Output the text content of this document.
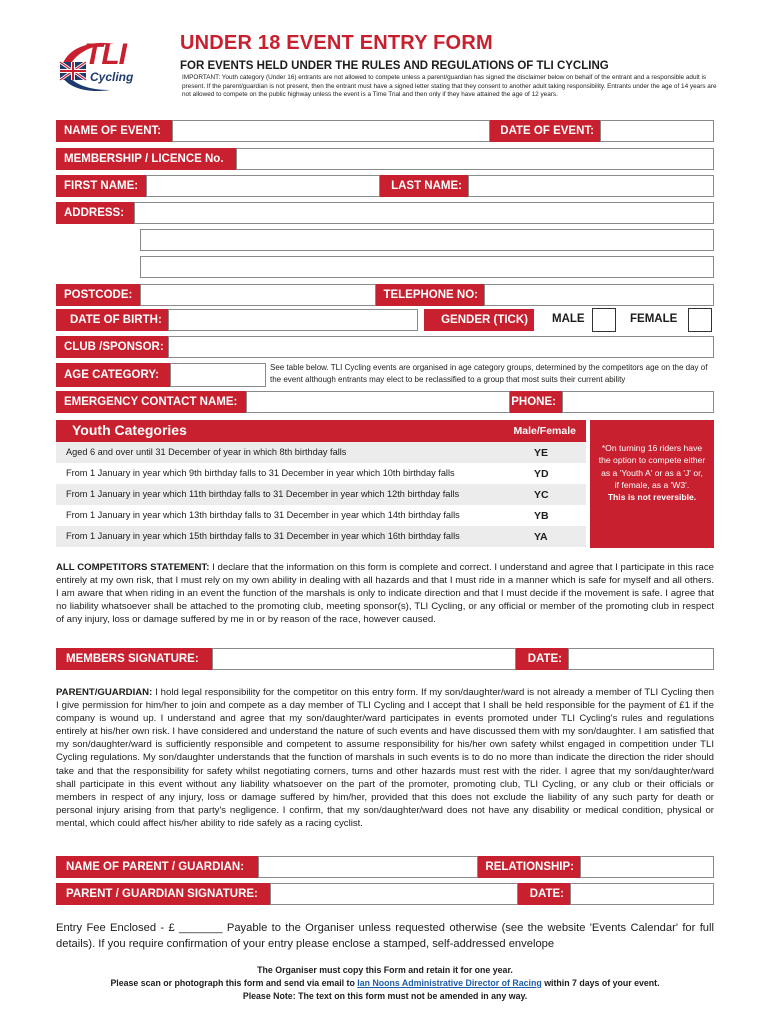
TLI
Cycling
UNDER 18 EVENT ENTRY FORM
FOR EVENTS HELD UNDER THE RULES AND REGULATIONS OF TLI CYCLING
IMPORTANT: Youth category (Under 16) entrants are not allowed to compete unless a parent/guardian has signed the disclaimer below on behalf of the entrant and a responsible adult is present. If the parent/guardian is not present, then the entrant must have a signed letter stating that they consent to another adult taking responsibility. Entrants under the age of 14 years are not allowed to compete on the public highway unless the event is a Time Trial and then only if they have attained the age of 12 years.
NAME OF EVENT:	DATE OF EVENT:
MEMBERSHIP / LICENCE No.
FIRST NAME:	LAST NAME:
ADDRESS:
POSTCODE:	TELEPHONE NO:
DATE OF BIRTH:	GENDER (TICK)	MALE	FEMALE
CLUB /SPONSOR:
AGE CATEGORY:
See table below. TLI Cycling events are organised in age category groups, determined by the competitors age on the day of the event although entrants may elect to be reclassified to a group that most suits their current ability
EMERGENCY CONTACT NAME:	PHONE:
Youth Categories	Male/Female
Aged 6 and over until 31 December of year in which 8th birthday falls	YE
From 1 January in year which 9th birthday falls to 31 December in year which 10th birthday falls	YD
From 1 January in year which 11th birthday falls to 31 December in year which 12th birthday falls	YC
From 1 January in year which 13th birthday falls to 31 December in year which 14th birthday falls	YB
From 1 January in year which 15th birthday falls to 31 December in year which 16th birthday falls	YA
*On turning 16 riders have the option to compete either as a 'Youth A' or as a 'J' or, if female, as a 'W3'.
This is not reversible.
ALL COMPETITORS STATEMENT: I declare that the information on this form is complete and correct. I understand and agree that I participate in this race entirely at my own risk, that I must rely on my own ability in dealing with all hazards and that I must ride in a manner which is safe for myself and all others. I am aware that when riding in an event the function of the marshals is only to indicate direction and that I must decide if the movement is safe. I agree that no liability whatsoever shall be attached to the promoting club, meeting sponsor(s), TLI Cycling, or any official or member of the promoting club in respect of any injury, loss or damage suffered by me in or by reason of the race, however caused.
MEMBERS SIGNATURE:	DATE:
PARENT/GUARDIAN: I hold legal responsibility for the competitor on this entry form. If my son/daughter/ward is not already a member of TLI Cycling then I give permission for him/her to join and compete as a day member of TLI Cycling and I accept that I shall be held responsible for the payment of £1 if the company is wound up. I understand and agree that my son/daughter/ward participates in events promoted under TLI Cycling's rules and regulations entirely at his/her own risk. I have considered and understand the nature of such events and have discussed them with my son/daughter. I am satisfied that my son/daughter/ward is sufficiently responsible and competent to assume responsibility for his/her own safety whilst engaged in competition under TLI Cycling regulations. My son/daughter understands that the function of marshals in such events is to do no more than indicate the direction the rider should take and that the responsibility for safety whilst negotiating corners, turns and other hazards must rest with the rider. I agree that my son/daughter/ward shall participate in this event without any liability whatsoever on the part of the promoter, promoting club, TLI Cycling, or any club or their officials or members in respect of any injury, loss or damage suffered by him/her, provided that this does not exclude the liability of any such party for death or personal injury arising from that party's negligence. I confirm, that my son/daughter/ward does not have any disability or medical condition, physical or mental, which could affect his/her ability to ride safely as a racing cyclist.
NAME OF PARENT / GUARDIAN:	RELATIONSHIP:
PARENT / GUARDIAN SIGNATURE:	DATE:
Entry Fee Enclosed - £ _______ Payable to the Organiser unless requested otherwise (see the website 'Events Calendar' for full details). If you require confirmation of your entry please enclose a stamped, self-addressed envelope
The Organiser must copy this Form and retain it for one year.
Please scan or photograph this form and send via email to Ian Noons Administrative Director of Racing within 7 days of your event.
Please Note: The text on this form must not be amended in any way.
